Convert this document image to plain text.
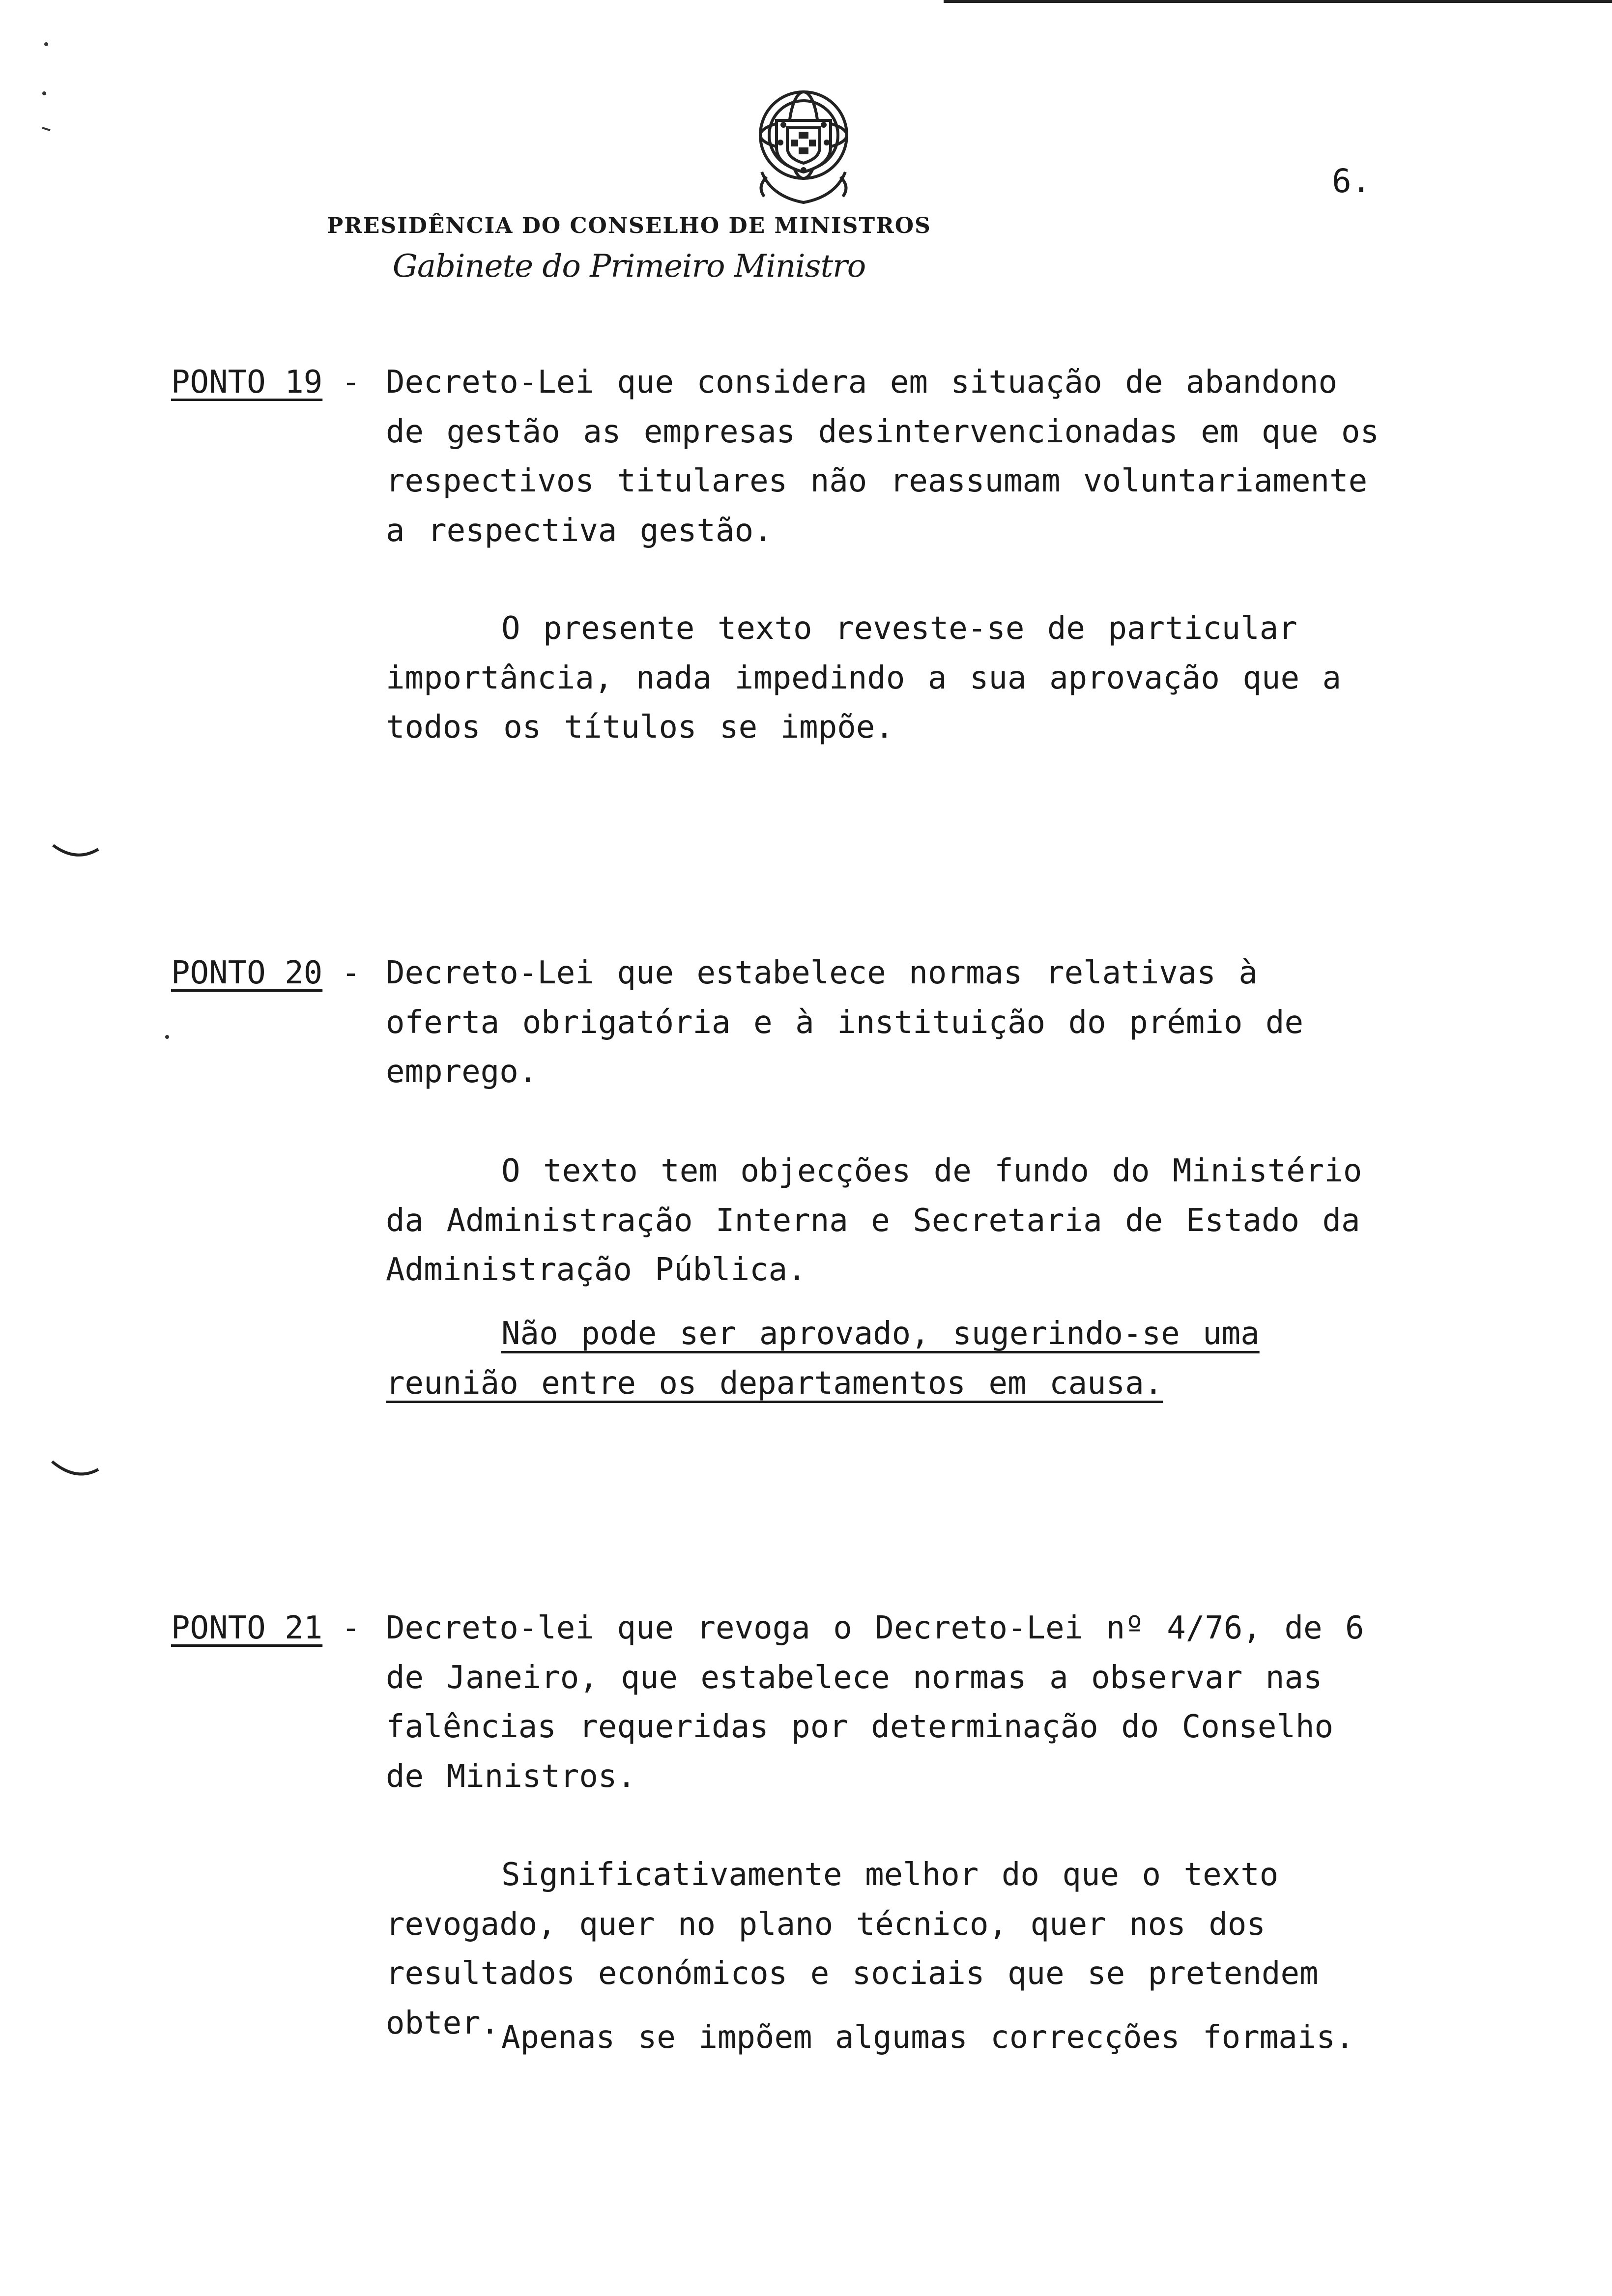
6.
PRESIDÊNCIA DO CONSELHO DE MINISTROS
Gabinete do Primeiro Ministro
PONTO 19 - Decreto-Lei que considera em situação de abandono de gestão as empresas desintervencionadas em que os respectivos titulares não reassumam voluntariamente a respectiva gestão.

O presente texto reveste-se de particular importância, nada impedindo a sua aprovação que a todos os títulos se impõe.

PONTO 20 - Decreto-Lei que estabelece normas relativas à oferta obrigatória e à instituição do prémio de emprego.

O texto tem objecções de fundo do Ministério da Administração Interna e Secretaria de Estado da Administração Pública.

Não pode ser aprovado, sugerindo-se uma reunião entre os departamentos em causa.

PONTO 21 - Decreto-lei que revoga o Decreto-Lei nº 4/76, de 6 de Janeiro, que estabelece normas a observar nas falências requeridas por determinação do Conselho de Ministros.

Significativamente melhor do que o texto revogado, quer no plano técnico, quer nos dos resultados económicos e sociais que se pretendem obter. Apenas se impõem algumas correcções formais.
